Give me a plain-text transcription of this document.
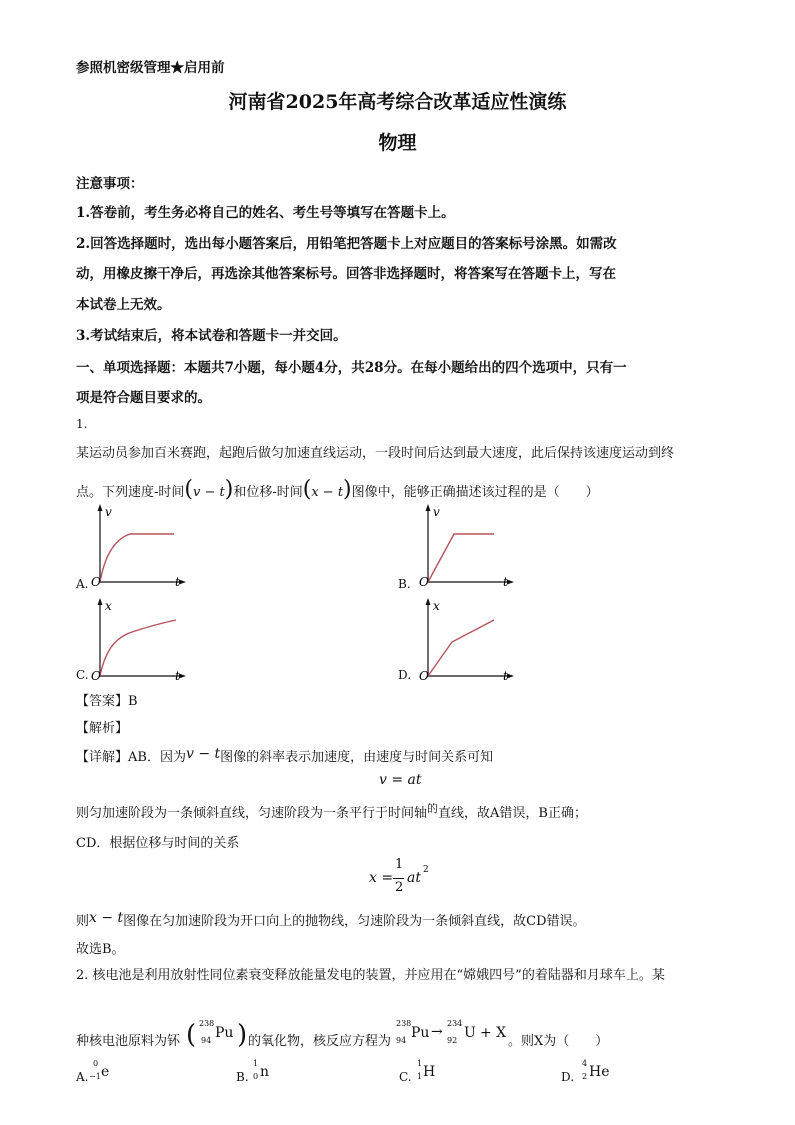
参照机密级管理★启用前
河南省2025年高考综合改革适应性演练
物理
注意事项：
1.答卷前，考生务必将自己的姓名、考生号等填写在答题卡上。
2.回答选择题时，选出每小题答案后，用铅笔把答题卡上对应题目的答案标号涂黑。如需改
动，用橡皮擦干净后，再选涂其他答案标号。回答非选择题时，将答案写在答题卡上，写在
本试卷上无效。
3.考试结束后，将本试卷和答题卡一并交回。
一、单项选择题：本题共7小题，每小题4分，共28分。在每小题给出的四个选项中，只有一
项是符合题目要求的。
1.
某运动员参加百米赛跑，起跑后做匀加速直线运动，一段时间后达到最大速度，此后保持该速度运动到终
点。下列速度-时间(v − t)和位移-时间(x − t)图像中，能够正确描述该过程的是（　　）
v
O	t
A.
v
O	t
B.
x
O	t
C.
x
O	t
D.
【答案】B
【解析】
【详解】AB．因为v − t图像的斜率表示加速度，由速度与时间关系可知
v = at
则匀加速阶段为一条倾斜直线，匀速阶段为一条平行于时间轴$^的$直线，故A错误，B正确；
CD．根据位移与时间的关系
x =
1
2
at 2
则x − t图像在匀加速阶段为开口向上的抛物线，匀速阶段为一条倾斜直线，故CD错误。
故选B。
2. 核电池是利用放射性同位素衰变释放能量发电的装置，并应用在“嫦娥四号”的着陆器和月球车上。某
种核电池原料为钚 ( 238
94 Pu ) 的氧化物，核反应方程为
238
94 Pu →
234
92 U + X
。则X为（　　）
A.
0
−1 e	B.
1
0 n	C.
1
1 H	D.
4
2 He
